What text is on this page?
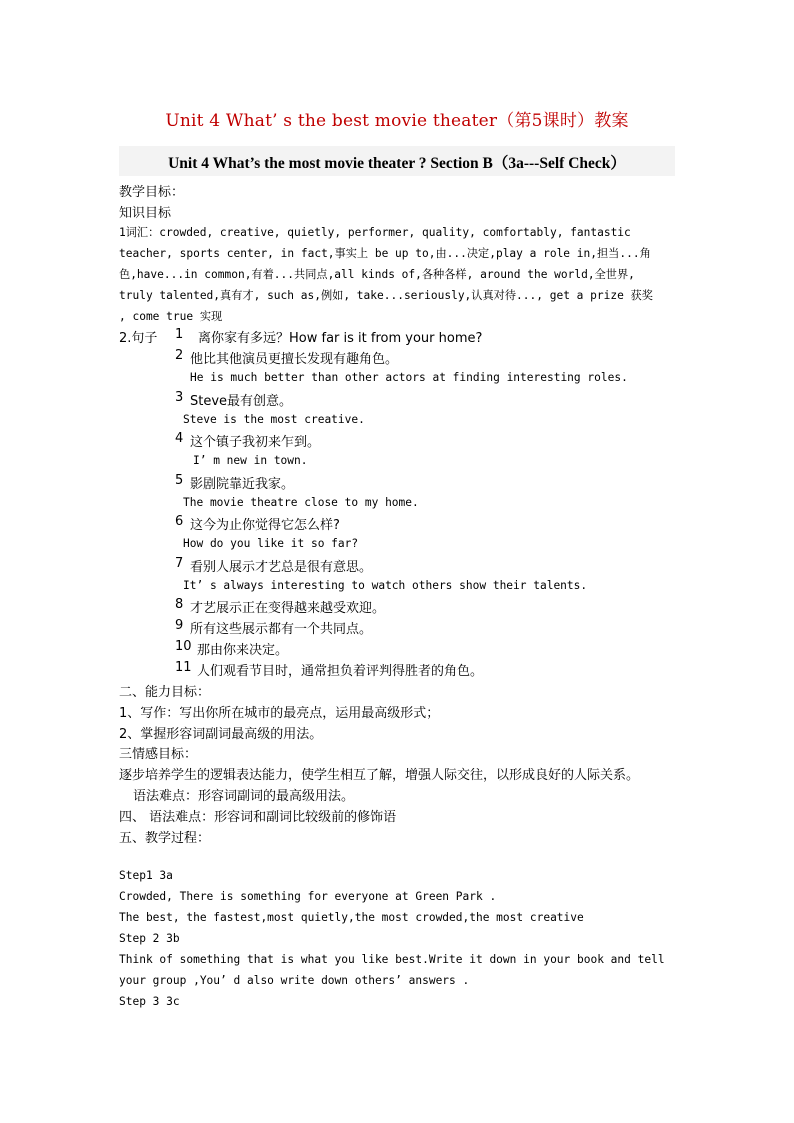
Unit 4 What’ s the best movie theater（第5课时）教案
Unit 4 What’s the most movie theater ? Section B（3a---Self Check）
教学目标：
知识目标
1词汇：crowded, creative, quietly, performer, quality, comfortably, fantastic
teacher, sports center, in fact,事实上 be up to,由...决定,play a role in,担当...角
色,have...in common,有着...共同点,all kinds of,各种各样, around the world,全世界,
truly talented,真有才, such as,例如, take...seriously,认真对待..., get a prize 获奖
, come true 实现
2.句子 1 离你家有多远？How far is it from your home?
2 他比其他演员更擅长发现有趣角色。
He is much better than other actors at finding interesting roles.
3 Steve最有创意。
Steve is the most creative.
4 这个镇子我初来乍到。
I’ m new in town.
5 影剧院靠近我家。
The movie theatre close to my home.
6 这今为止你觉得它怎么样?
How do you like it so far?
7 看别人展示才艺总是很有意思。
It’ s always interesting to watch others show their talents.
8 才艺展示正在变得越来越受欢迎。
9 所有这些展示都有一个共同点。
10 那由你来决定。
11 人们观看节目时，通常担负着评判得胜者的角色。
二、能力目标：
1、写作：写出你所在城市的最亮点，运用最高级形式；
2、掌握形容词副词最高级的用法。
三情感目标：
逐步培养学生的逻辑表达能力，使学生相互了解，增强人际交往，以形成良好的人际关系。
语法难点：形容词副词的最高级用法。
四、 语法难点：形容词和副词比较级前的修饰语
五、教学过程：
Step1 3a
Crowded, There is something for everyone at Green Park .
The best, the fastest,most quietly,the most crowded,the most creative
Step 2 3b
Think of something that is what you like best.Write it down in your book and tell
your group ,You’ d also write down others’ answers .
Step 3 3c
